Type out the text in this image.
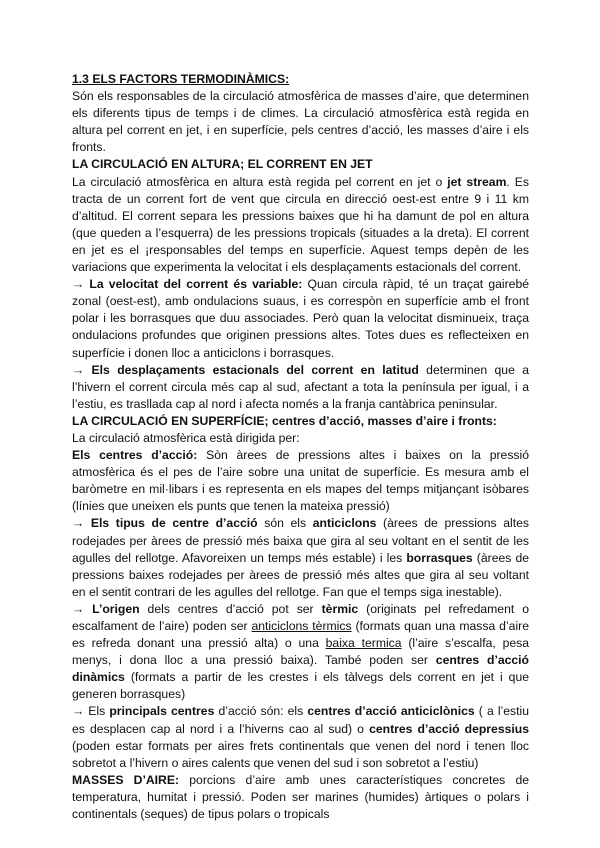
1.3 ELS FACTORS TERMODINÀMICS:

Són els responsables de la circulació atmosfèrica de masses d’aire, que determinen els diferents tipus de temps i de climes. La circulació atmosfèrica està regida en altura pel corrent en jet, i en superfície, pels centres d’acció, les masses d’aire i els fronts.

LA CIRCULACIÓ EN ALTURA; EL CORRENT EN JET

La circulació atmosfèrica en altura està regida pel corrent en jet o jet stream. Es tracta de un corrent fort de vent que circula en direcció oest-est entre 9 i 11 km d’altitud. El corrent separa les pressions baixes que hi ha damunt de pol en altura (que queden a l’esquerra) de les pressions tropicals (situades a la dreta). El corrent en jet es el ¡responsables del temps en superfície. Aquest temps depèn de les variacions que experimenta la velocitat i els desplaçaments estacionals del corrent.

→ La velocitat del corrent és variable: Quan circula ràpid, té un traçat gairebé zonal (oest-est), amb ondulacions suaus, i es correspòn en superfície amb el front polar i les borrasques que duu associades. Però quan la velocitat disminueix, traça ondulacions profundes que originen pressions altes. Totes dues es reflecteixen en superfície i donen lloc a anticiclons i borrasques.

→ Els desplaçaments estacionals del corrent en latitud determinen que a l’hivern el corrent circula més cap al sud, afectant a tota la península per igual, i a l’estiu, es trasllada cap al nord i afecta només a la franja cantàbrica peninsular.

LA CIRCULACIÓ EN SUPERFÍCIE; centres d’acció, masses d’aire i fronts:

La circulació atmosfèrica està dirigida per:

Els centres d’acció: Sòn àrees de pressions altes i baixes on la pressió atmosfèrica és el pes de l’aire sobre una unitat de superfície. Es mesura amb el baròmetre en mil·libars i es representa en els mapes del temps mitjançant isòbares (línies que uneixen els punts que tenen la mateixa pressió)

→ Els tipus de centre d’acció són els anticiclons (àrees de pressions altes rodejades per àrees de pressió més baixa que gira al seu voltant en el sentit de les agulles del rellotge. Afavoreixen un temps més estable) i les borrasques (àrees de pressions baixes rodejades per àrees de pressió més altes que gira al seu voltant en el sentit contrari de les agulles del rellotge. Fan que el temps siga inestable).

→ L’origen dels centres d’acció pot ser tèrmic (originats pel refredament o escalfament de l’aire) poden ser anticiclons tèrmics (formats quan una massa d’aire es refreda donant una pressió alta) o una baixa termica (l’aire s’escalfa, pesa menys, i dona lloc a una pressió baixa). També poden ser centres d’acció dinàmics (formats a partir de les crestes i els tàlvegs dels corrent en jet i que generen borrasques)

→ Els principals centres d’acció són: els centres d’acció anticiclònics ( a l’estiu es desplacen cap al nord i a l’hiverns cao al sud) o centres d’acció depressius (poden estar formats per aires frets continentals que venen del nord i tenen lloc sobretot a l’hivern o aires calents que venen del sud i son sobretot a l’estiu)

MASSES D’AIRE: porcions d’aire amb unes característiques concretes de temperatura, humitat i pressió. Poden ser marines (humides) àrtiques o polars i continentals (seques) de tipus polars o tropicals
